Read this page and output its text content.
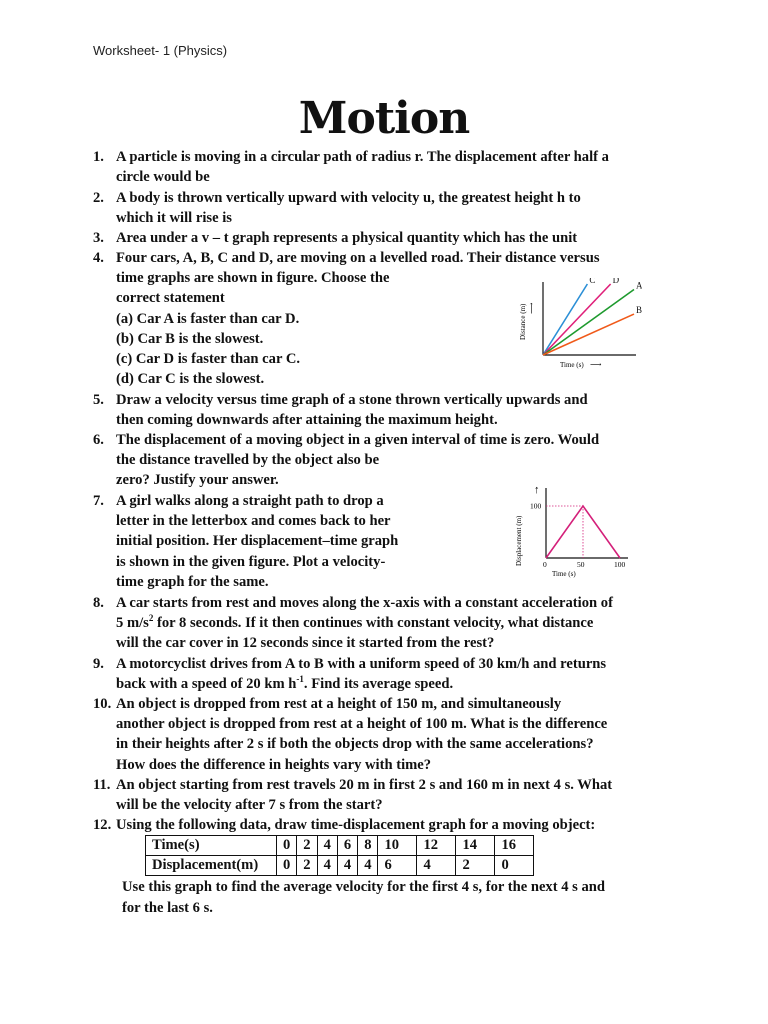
Worksheet- 1 (Physics)
Motion
1. A particle is moving in a circular path of radius r. The displacement after half a
circle would be
2. A body is thrown vertically upward with velocity u, the greatest height h to
which it will rise is
3. Area under a v – t graph represents a physical quantity which has the unit
4. Four cars, A, B, C and D, are moving on a levelled road. Their distance versus
time graphs are shown in figure. Choose the
correct statement
(a) Car A is faster than car D.
(b) Car B is the slowest.
(c) Car D is faster than car C.
(d) Car C is the slowest.
Distance (m) ⟶
Time (s) ⟶
C D
A
B
5. Draw a velocity versus time graph of a stone thrown vertically upwards and
then coming downwards after attaining the maximum height.
6. The displacement of a moving object in a given interval of time is zero. Would
the distance travelled by the object also be
zero? Justify your answer.
7. A girl walks along a straight path to drop a
letter in the letterbox and comes back to her
initial position. Her displacement–time graph
is shown in the given figure. Plot a velocity-
time graph for the same.
↑
Displacement (m)
Time (s)
0	50	100
100
8. A car starts from rest and moves along the x-axis with a constant acceleration of
5 $m/s^2$ for 8 seconds. If it then continues with constant velocity, what distance
will the car cover in 12 seconds since it started from the rest?
9. A motorcyclist drives from A to B with a uniform speed of 30 km/h and returns
back with a speed of 20 km $h^{-1}$. Find its average speed.
10. An object is dropped from rest at a height of 150 m, and simultaneously
another object is dropped from rest at a height of 100 m. What is the difference
in their heights after 2 s if both the objects drop with the same accelerations?
How does the difference in heights vary with time?
11. An object starting from rest travels 20 m in first 2 s and 160 m in next 4 s. What
will be the velocity after 7 s from the start?
12. Using the following data, draw time-displacement graph for a moving object:
Time(s)	0	2	4	6	8	10	12	14	16
Displacement(m)	0	2	4	4	4	6	4	2	0
Use this graph to find the average velocity for the first 4 s, for the next 4 s and
for the last 6 s.
